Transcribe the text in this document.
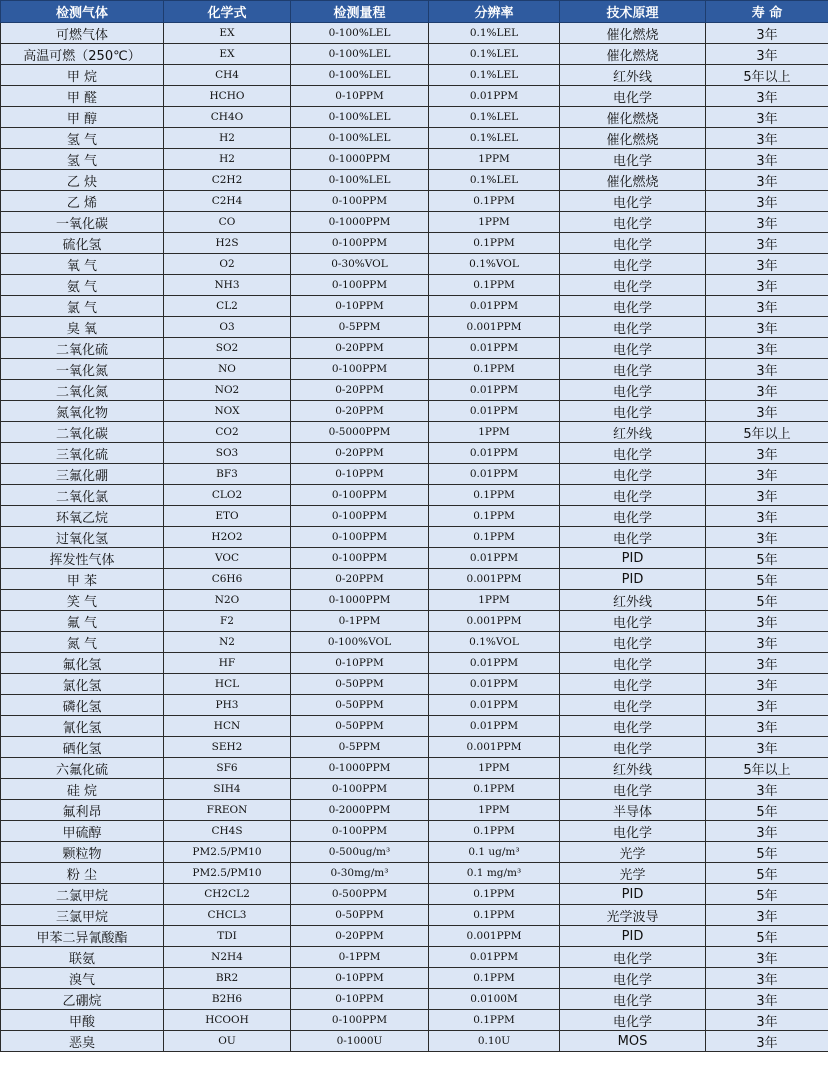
检测气体	化学式	检测量程	分辨率	技术原理	寿 命
可燃气体	EX	0-100%LEL	0.1%LEL	催化燃烧	3年
高温可燃（250℃）	EX	0-100%LEL	0.1%LEL	催化燃烧	3年
甲 烷	CH4	0-100%LEL	0.1%LEL	红外线	5年以上
甲 醛	HCHO	0-10PPM	0.01PPM	电化学	3年
甲 醇	CH4O	0-100%LEL	0.1%LEL	催化燃烧	3年
氢 气	H2	0-100%LEL	0.1%LEL	催化燃烧	3年
氢 气	H2	0-1000PPM	1PPM	电化学	3年
乙 炔	C2H2	0-100%LEL	0.1%LEL	催化燃烧	3年
乙 烯	C2H4	0-100PPM	0.1PPM	电化学	3年
一氧化碳	CO	0-1000PPM	1PPM	电化学	3年
硫化氢	H2S	0-100PPM	0.1PPM	电化学	3年
氧 气	O2	0-30%VOL	0.1%VOL	电化学	3年
氨 气	NH3	0-100PPM	0.1PPM	电化学	3年
氯 气	CL2	0-10PPM	0.01PPM	电化学	3年
臭 氧	O3	0-5PPM	0.001PPM	电化学	3年
二氧化硫	SO2	0-20PPM	0.01PPM	电化学	3年
一氧化氮	NO	0-100PPM	0.1PPM	电化学	3年
二氧化氮	NO2	0-20PPM	0.01PPM	电化学	3年
氮氧化物	NOX	0-20PPM	0.01PPM	电化学	3年
二氧化碳	CO2	0-5000PPM	1PPM	红外线	5年以上
三氧化硫	SO3	0-20PPM	0.01PPM	电化学	3年
三氟化硼	BF3	0-10PPM	0.01PPM	电化学	3年
二氧化氯	CLO2	0-100PPM	0.1PPM	电化学	3年
环氧乙烷	ETO	0-100PPM	0.1PPM	电化学	3年
过氧化氢	H2O2	0-100PPM	0.1PPM	电化学	3年
挥发性气体	VOC	0-100PPM	0.01PPM	PID	5年
甲 苯	C6H6	0-20PPM	0.001PPM	PID	5年
笑 气	N2O	0-1000PPM	1PPM	红外线	5年
氟 气	F2	0-1PPM	0.001PPM	电化学	3年
氮 气	N2	0-100%VOL	0.1%VOL	电化学	3年
氟化氢	HF	0-10PPM	0.01PPM	电化学	3年
氯化氢	HCL	0-50PPM	0.01PPM	电化学	3年
磷化氢	PH3	0-50PPM	0.01PPM	电化学	3年
氰化氢	HCN	0-50PPM	0.01PPM	电化学	3年
硒化氢	SEH2	0-5PPM	0.001PPM	电化学	3年
六氟化硫	SF6	0-1000PPM	1PPM	红外线	5年以上
硅 烷	SIH4	0-100PPM	0.1PPM	电化学	3年
氟利昂	FREON	0-2000PPM	1PPM	半导体	5年
甲硫醇	CH4S	0-100PPM	0.1PPM	电化学	3年
颗粒物	PM2.5/PM10	0-500ug/m³	0.1 ug/m³	光学	5年
粉 尘	PM2.5/PM10	0-30mg/m³	0.1 mg/m³	光学	5年
二氯甲烷	CH2CL2	0-500PPM	0.1PPM	PID	5年
三氯甲烷	CHCL3	0-50PPM	0.1PPM	光学波导	3年
甲苯二异氰酸酯	TDI	0-20PPM	0.001PPM	PID	5年
联氨	N2H4	0-1PPM	0.01PPM	电化学	3年
溴气	BR2	0-10PPM	0.1PPM	电化学	3年
乙硼烷	B2H6	0-10PPM	0.0100M	电化学	3年
甲酸	HCOOH	0-100PPM	0.1PPM	电化学	3年
恶臭	OU	0-1000U	0.10U	MOS	3年
